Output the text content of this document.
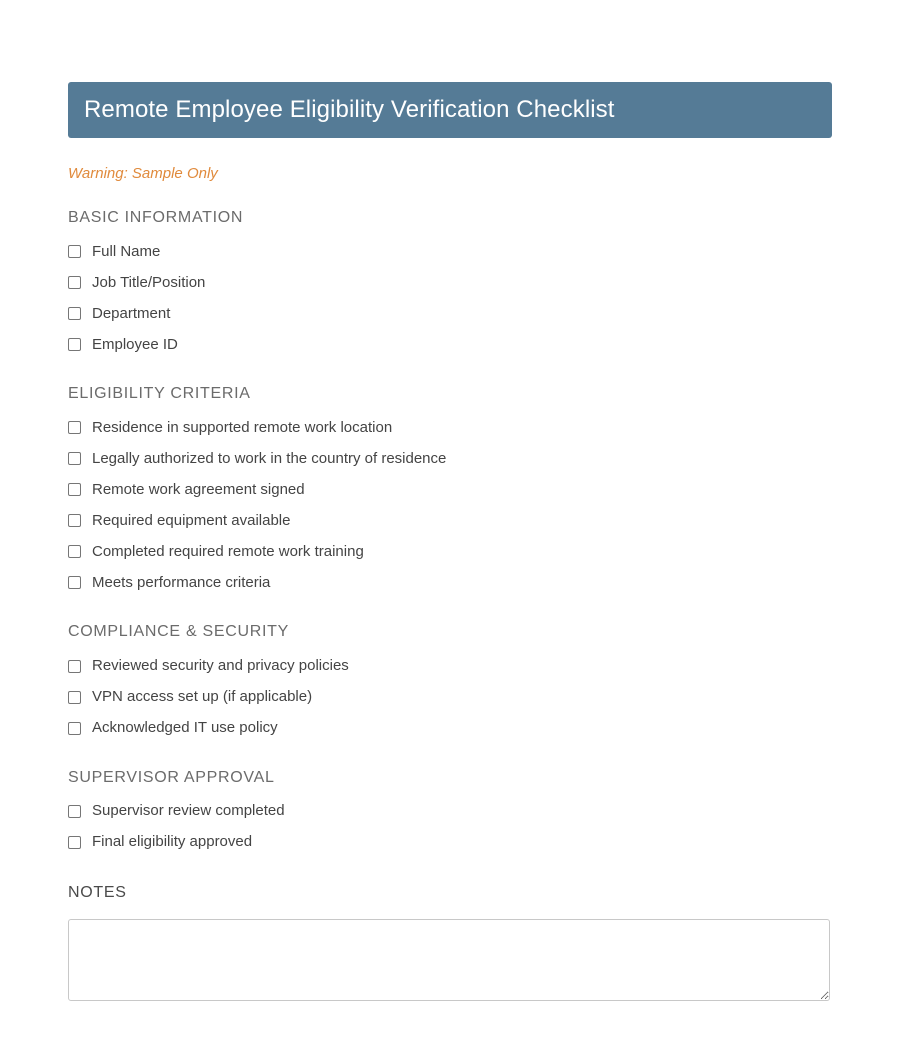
Remote Employee Eligibility Verification Checklist
Warning: Sample Only
BASIC INFORMATION
Full Name
Job Title/Position
Department
Employee ID
ELIGIBILITY CRITERIA
Residence in supported remote work location
Legally authorized to work in the country of residence
Remote work agreement signed
Required equipment available
Completed required remote work training
Meets performance criteria
COMPLIANCE & SECURITY
Reviewed security and privacy policies
VPN access set up (if applicable)
Acknowledged IT use policy
SUPERVISOR APPROVAL
Supervisor review completed
Final eligibility approved
NOTES
